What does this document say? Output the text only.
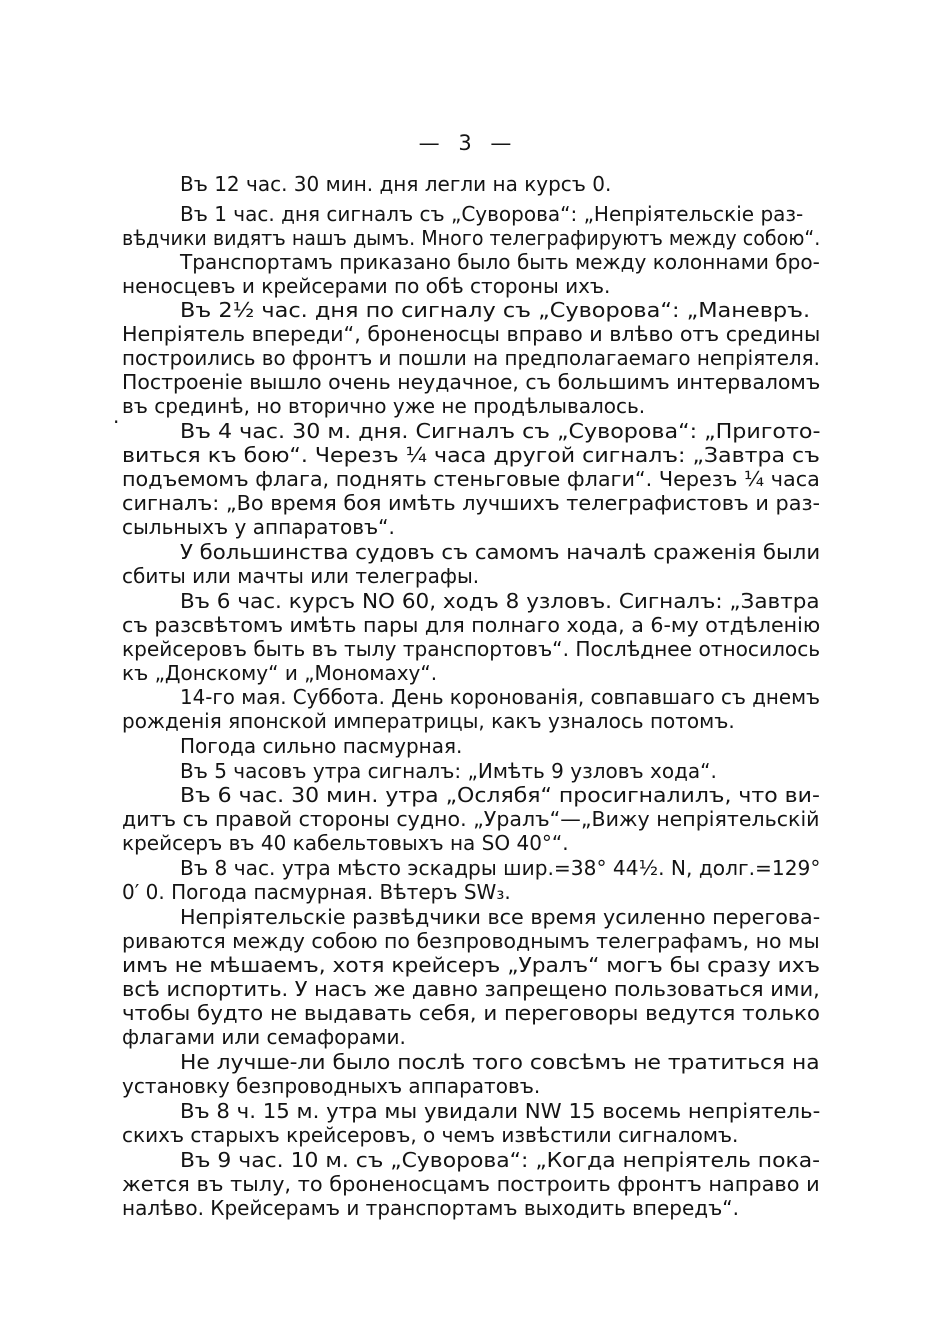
— 3 —
.
Въ 12 час. 30 мин. дня легли на курсъ 0.
Въ 1 час. дня сигналъ съ „Суворова“: „Непріятельскіе раз-
вѣдчики видятъ нашъ дымъ. Много телеграфируютъ между собою“.
Транспортамъ приказано было быть между колоннами бро-
неносцевъ и крейсерами по обѣ стороны ихъ.
Въ 2½ час. дня по сигналу съ „Суворова“: „Маневръ.
Непріятель впереди“, броненосцы вправо и влѣво отъ средины
построились во фронтъ и пошли на предполагаемаго непріятеля.
Построеніе вышло очень неудачное, съ большимъ интерваломъ
въ срединѣ, но вторично уже не продѣлывалось.
Въ 4 час. 30 м. дня. Сигналъ съ „Суворова“: „Пригото-
виться къ бою“. Черезъ ¼ часа другой сигналъ: „Завтра съ
подъемомъ флага, поднять стеньговые флаги“. Черезъ ¼ часа
сигналъ: „Во время боя имѣть лучшихъ телеграфистовъ и раз-
сыльныхъ у аппаратовъ“.
У большинства судовъ съ самомъ началѣ сраженія были
сбиты или мачты или телеграфы.
Въ 6 час. курсъ NO 60, ходъ 8 узловъ. Сигналъ: „Завтра
съ разсвѣтомъ имѣть пары для полнаго хода, а 6-му отдѣленію
крейсеровъ быть въ тылу транспортовъ“. Послѣднее относилось
къ „Донскому“ и „Мономаху“.
14-го мая. Суббота. День коронованія, совпавшаго съ днемъ
рожденія японской императрицы, какъ узналось потомъ.
Погода сильно пасмурная.
Въ 5 часовъ утра сигналъ: „Имѣть 9 узловъ хода“.
Въ 6 час. 30 мин. утра „Ослябя“ просигналилъ, что ви-
дитъ съ правой стороны судно. „Уралъ“—„Вижу непріятельскій
крейсеръ въ 40 кабельтовыхъ на SO 40°“.
Въ 8 час. утра мѣсто эскадры шир.=38° 44½. N, долг.=129°
0′ 0. Погода пасмурная. Вѣтеръ SW₃.
Непріятельскіе развѣдчики все время усиленно перегова-
риваются между собою по безпроводнымъ телеграфамъ, но мы
имъ не мѣшаемъ, хотя крейсеръ „Уралъ“ могъ бы сразу ихъ
всѣ испортить. У насъ же давно запрещено пользоваться ими,
чтобы будто не выдавать себя, и переговоры ведутся только
флагами или семафорами.
Не лучше-ли было послѣ того совсѣмъ не тратиться на
установку безпроводныхъ аппаратовъ.
Въ 8 ч. 15 м. утра мы увидали NW 15 восемь непріятель-
скихъ старыхъ крейсеровъ, о чемъ извѣстили сигналомъ.
Въ 9 час. 10 м. съ „Суворова“: „Когда непріятель пока-
жется въ тылу, то броненосцамъ построить фронтъ направо и
налѣво. Крейсерамъ и транспортамъ выходить впередъ“.
